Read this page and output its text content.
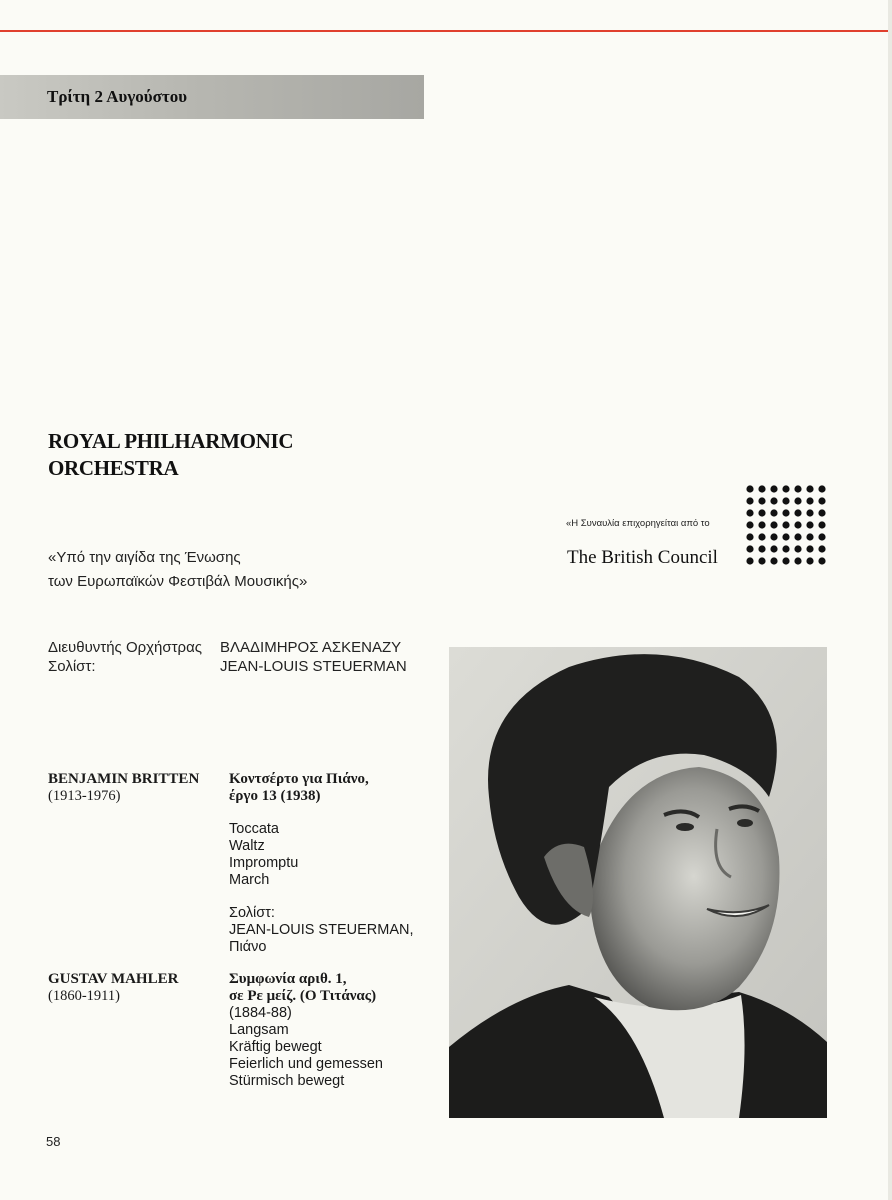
Τρίτη 2 Αυγούστου
ROYAL PHILHARMONIC
ORCHESTRA
«Η Συναυλία επιχορηγείται από το
The British Council
«Υπό την αιγίδα της Ένωσης
των Ευρωπαϊκών Φεστιβάλ Μουσικής»
Διευθυντής Ορχήστρας ΒΛΑΔΙΜΗΡΟΣ ΑΣΚΕΝΑΖΥ
Σολίστ:	JEAN-LOUIS STEUERMAN
BENJAMIN BRITTEN
(1913-1976)
Κοντσέρτο για Πιάνο,
έργο 13 (1938)
Toccata
Waltz
Impromptu
March
Σολίστ:
JEAN-LOUIS STEUERMAN,
Πιάνο
GUSTAV MAHLER
(1860-1911)
Συμφωνία αριθ. 1,
σε Ρε μείζ. (Ο Τιτάνας)
(1884-88)
Langsam
Kräftig bewegt
Feierlich und gemessen
Stürmisch bewegt
58
